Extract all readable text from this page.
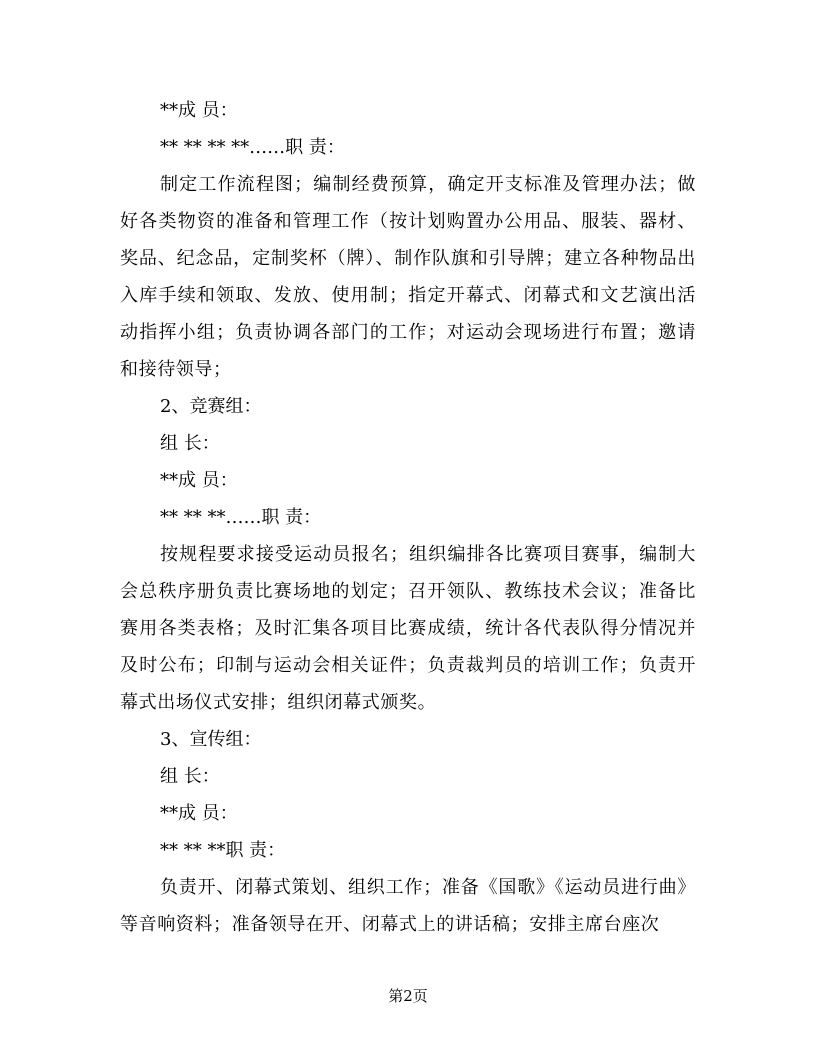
**成 员：

** ** ** **……职 责：

制定工作流程图；编制经费预算，确定开支标准及管理办法；做好各类物资的准备和管理工作（按计划购置办公用品、服装、器材、奖品、纪念品，定制奖杯（牌）、制作队旗和引导牌；建立各种物品出入库手续和领取、发放、使用制；指定开幕式、闭幕式和文艺演出活动指挥小组；负责协调各部门的工作；对运动会现场进行布置；邀请和接待领导；

2、竞赛组：

组 长：

**成 员：

** ** **……职 责：

按规程要求接受运动员报名；组织编排各比赛项目赛事，编制大会总秩序册负责比赛场地的划定；召开领队、教练技术会议；准备比赛用各类表格；及时汇集各项目比赛成绩，统计各代表队得分情况并及时公布；印制与运动会相关证件；负责裁判员的培训工作；负责开幕式出场仪式安排；组织闭幕式颁奖。

3、宣传组：

组 长：

**成 员：

** ** **职 责：

负责开、闭幕式策划、组织工作；准备《国歌》《运动员进行曲》等音响资料；准备领导在开、闭幕式上的讲话稿；安排主席台座次

第2页
